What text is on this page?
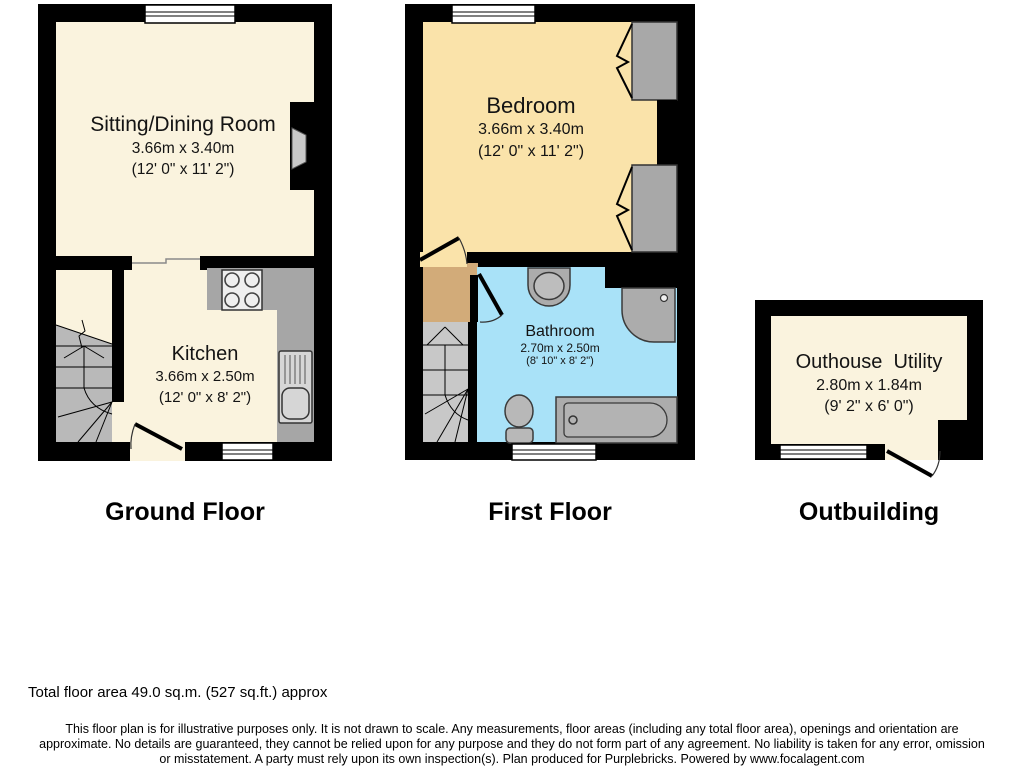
Sitting/Dining Room
3.66m x 3.40m
(12' 0" x 11' 2")
Kitchen
3.66m x 2.50m
(12' 0" x 8' 2")
Bedroom
3.66m x 3.40m
(12' 0" x 11' 2")
Bathroom
2.70m x 2.50m
(8' 10" x 8' 2")	Outhouse  Utility
2.80m x 1.84m
(9' 2" x 6' 0")
Ground Floor	First Floor	Outbuilding
Total floor area 49.0 sq.m. (527 sq.ft.) approx
This floor plan is for illustrative purposes only. It is not drawn to scale. Any measurements, floor areas (including any total floor area), openings and orientation are
approximate. No details are guaranteed, they cannot be relied upon for any purpose and they do not form part of any agreement. No liability is taken for any error, omission
or misstatement. A party must rely upon its own inspection(s). Plan produced for Purplebricks. Powered by www.focalagent.com
